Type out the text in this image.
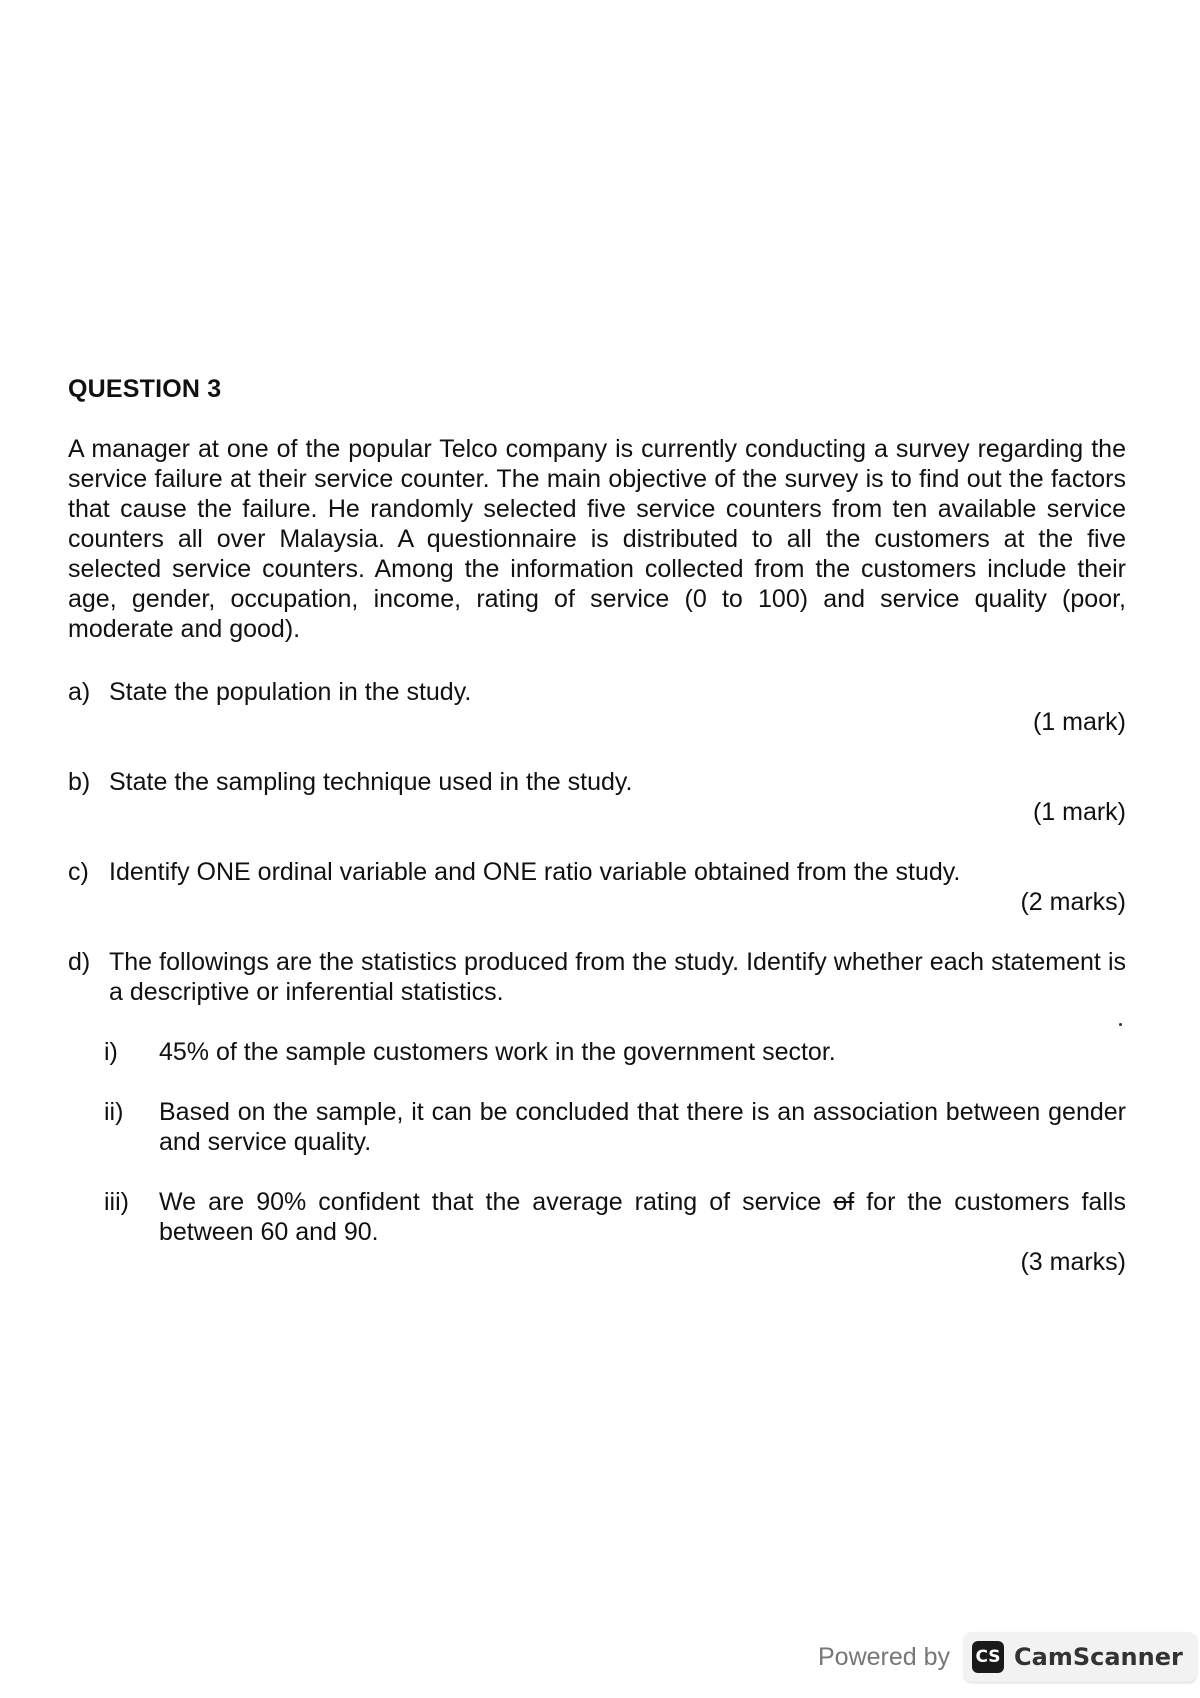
QUESTION 3

A manager at one of the popular Telco company is currently conducting a survey regarding the service failure at their service counter. The main objective of the survey is to find out the factors that cause the failure. He randomly selected five service counters from ten available service counters all over Malaysia. A questionnaire is distributed to all the customers at the five selected service counters. Among the information collected from the customers include their age, gender, occupation, income, rating of service (0 to 100) and service quality (poor, moderate and good).

a) State the population in the study.
(1 mark)
b) State the sampling technique used in the study.
(1 mark)
c) Identify ONE ordinal variable and ONE ratio variable obtained from the study.
(2 marks)
d) The followings are the statistics produced from the study. Identify whether each statement is a descriptive or inferential statistics.
i) 45% of the sample customers work in the government sector.
ii) Based on the sample, it can be concluded that there is an association between gender and service quality.
iii) We are 90% confident that the average rating of service of for the customers falls between 60 and 90.
(3 marks)
Powered by CS CamScanner
